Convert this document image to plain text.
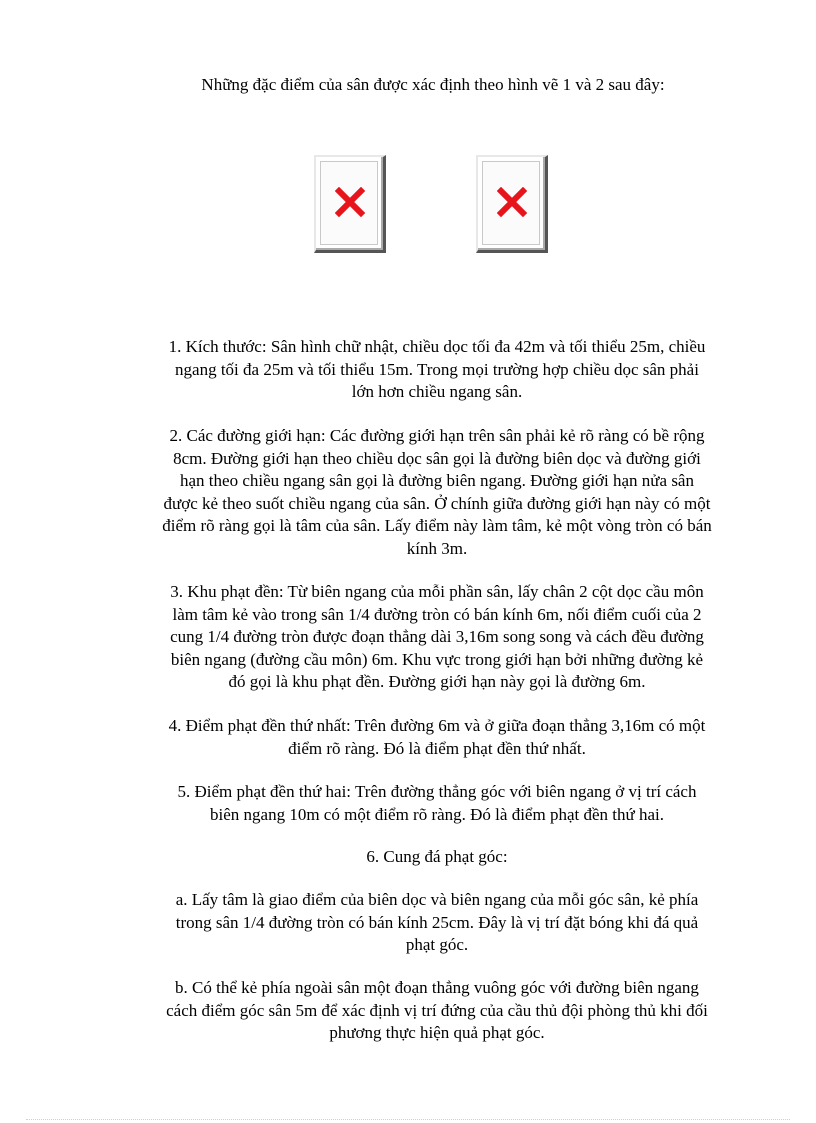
Những đặc điểm của sân được xác định theo hình vẽ 1 và 2 sau đây:

1. Kích thước: Sân hình chữ nhật, chiều dọc tối đa 42m và tối thiểu 25m, chiều

ngang tối đa 25m và tối thiểu 15m. Trong mọi trường hợp chiều dọc sân phải

lớn hơn chiều ngang sân.

2. Các đường giới hạn: Các đường giới hạn trên sân phải kẻ rõ ràng có bề rộng

8cm. Đường giới hạn theo chiều dọc sân gọi là đường biên dọc và đường giới

hạn theo chiều ngang sân gọi là đường biên ngang. Đường giới hạn nửa sân

được kẻ theo suốt chiều ngang của sân. Ở chính giữa đường giới hạn này có một

điểm rõ ràng gọi là tâm của sân. Lấy điểm này làm tâm, kẻ một vòng tròn có bán

kính 3m.

3. Khu phạt đền: Từ biên ngang của mỗi phần sân, lấy chân 2 cột dọc cầu môn

làm tâm kẻ vào trong sân 1/4 đường tròn có bán kính 6m, nối điểm cuối của 2

cung 1/4 đường tròn được đoạn thẳng dài 3,16m song song và cách đều đường

biên ngang (đường cầu môn) 6m. Khu vực trong giới hạn bởi những đường kẻ

đó gọi là khu phạt đền. Đường giới hạn này gọi là đường 6m.

4. Điểm phạt đền thứ nhất: Trên đường 6m và ở giữa đoạn thẳng 3,16m có một

điểm rõ ràng. Đó là điểm phạt đền thứ nhất.

5. Điểm phạt đền thứ hai: Trên đường thẳng góc với biên ngang ở vị trí cách

biên ngang 10m có một điểm rõ ràng. Đó là điểm phạt đền thứ hai.

6. Cung đá phạt góc:

a. Lấy tâm là giao điểm của biên dọc và biên ngang của mỗi góc sân, kẻ phía

trong sân 1/4 đường tròn có bán kính 25cm. Đây là vị trí đặt bóng khi đá quả

phạt góc.

b. Có thể kẻ phía ngoài sân một đoạn thẳng vuông góc với đường biên ngang

cách điểm góc sân 5m để xác định vị trí đứng của cầu thủ đội phòng thủ khi đối

phương thực hiện quả phạt góc.
